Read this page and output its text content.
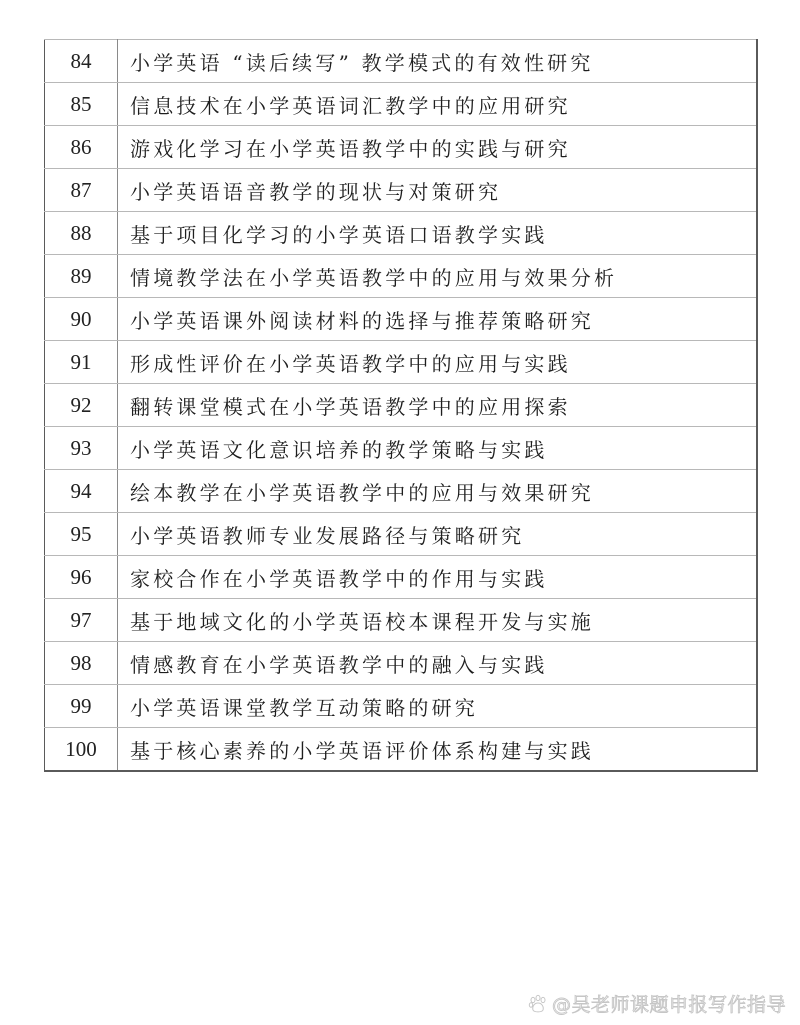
84	小学英语 “读后续写” 教学模式的有效性研究
85	信息技术在小学英语词汇教学中的应用研究
86	游戏化学习在小学英语教学中的实践与研究
87	小学英语语音教学的现状与对策研究
88	基于项目化学习的小学英语口语教学实践
89	情境教学法在小学英语教学中的应用与效果分析
90	小学英语课外阅读材料的选择与推荐策略研究
91	形成性评价在小学英语教学中的应用与实践
92	翻转课堂模式在小学英语教学中的应用探索
93	小学英语文化意识培养的教学策略与实践
94	绘本教学在小学英语教学中的应用与效果研究
95	小学英语教师专业发展路径与策略研究
96	家校合作在小学英语教学中的作用与实践
97	基于地域文化的小学英语校本课程开发与实施
98	情感教育在小学英语教学中的融入与实践
99	小学英语课堂教学互动策略的研究
100	基于核心素养的小学英语评价体系构建与实践
@吴老师课题申报写作指导
